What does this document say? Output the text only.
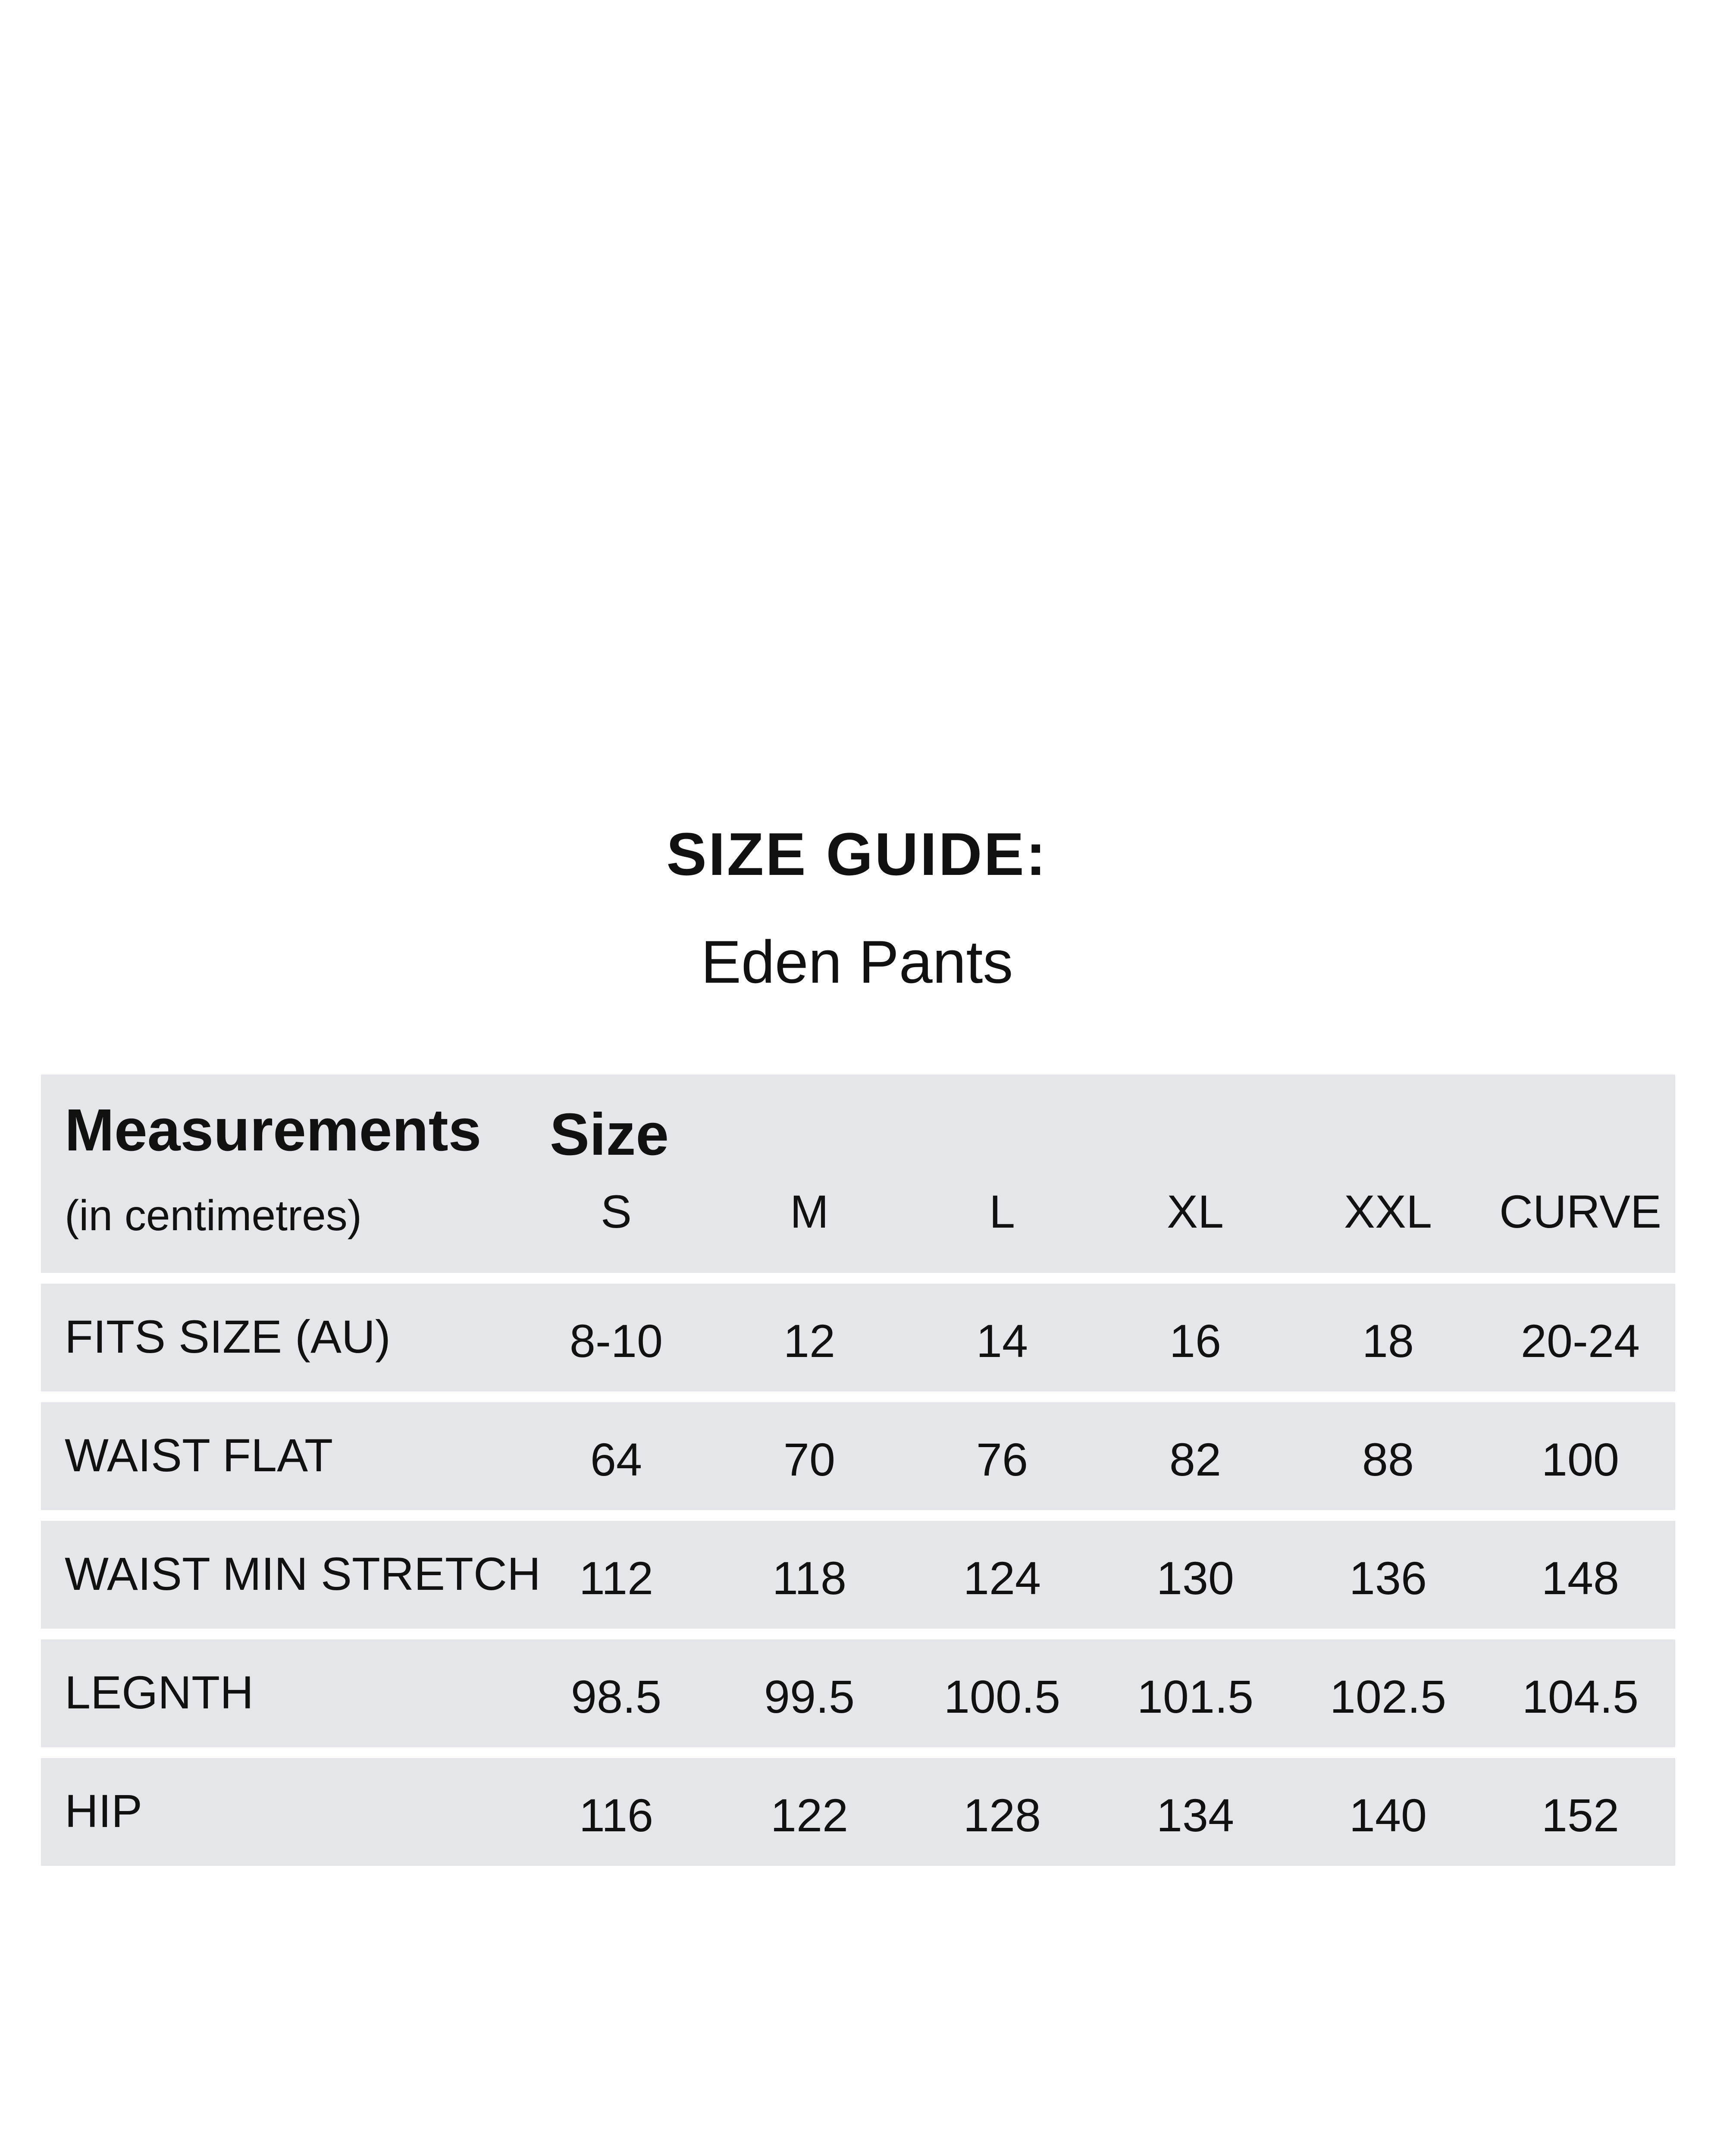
SIZE GUIDE:
Eden Pants
Measurements
(in centimetres)
Size
S	M	L	XL	XXL	CURVE
FITS SIZE (AU)	8-10	12	14	16	18	20-24
WAIST FLAT	64	70	76	82	88	100
WAIST MIN STRETCH 112	118	124	130	136	148
LEGNTH	98.5	99.5	100.5	101.5	102.5	104.5
HIP	116	122	128	134	140	152
